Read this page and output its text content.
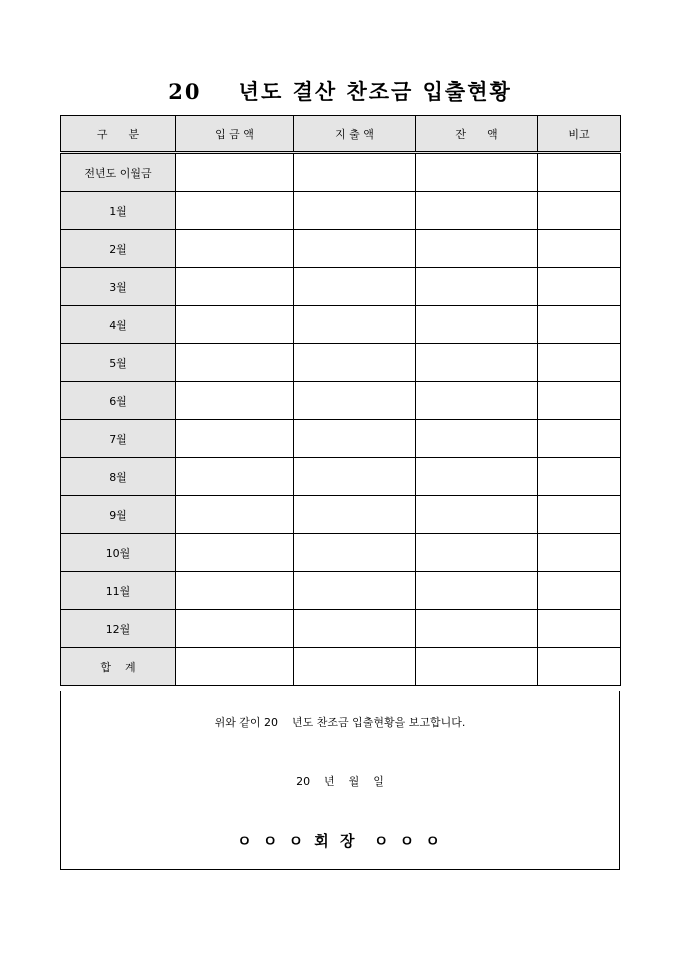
20    년도 결산 찬조금 입출현황
구      분	입 금 액	지 출 액	잔      액	비고
전년도 이월금				
1월				
2월				
3월				
4월				
5월				
6월				
7월				
8월				
9월				
10월				
11월				
12월				
합    계				
위와 같이 20    년도 찬조금 입출현황을 보고합니다.
20    년    월    일
ㅇ ㅇ ㅇ 회 장  ㅇ ㅇ ㅇ
